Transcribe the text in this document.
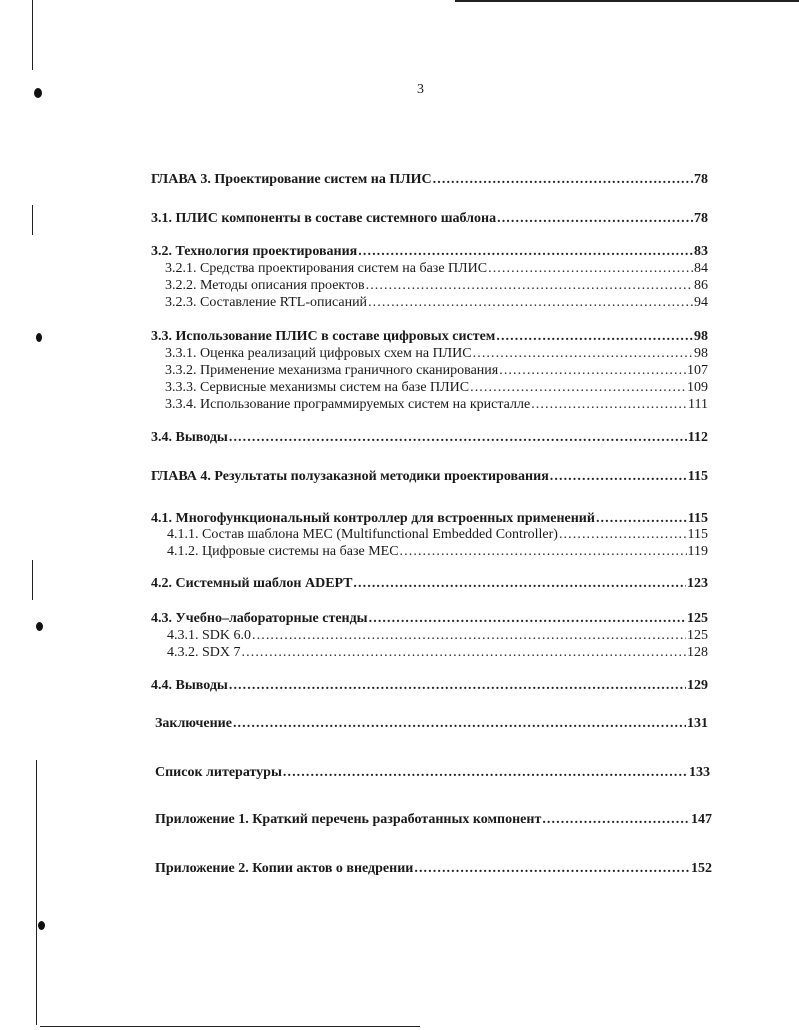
3
ГЛАВА 3. Проектирование систем на ПЛИС . . .	78
3.1. ПЛИС компоненты в составе системного шаблона . . .	78
3.2. Технология проектирования . . .	83
3.2.1. Средства проектирования систем на базе ПЛИС . . .	84
3.2.2. Методы описания проектов . . .	86
3.2.3. Составление RTL-описаний . . .	94
3.3. Использование ПЛИС в составе цифровых систем . . .	98
3.3.1. Оценка реализаций цифровых схем на ПЛИС . . .	98
3.3.2. Применение механизма граничного сканирования . . .	107
3.3.3. Сервисные механизмы систем на базе ПЛИС . . .	109
3.3.4. Использование программируемых систем на кристалле . . .	111
3.4. Выводы . . .	112
ГЛАВА 4. Результаты полузаказной методики проектирования . . .	115
4.1. Многофункциональный контроллер для встроенных применений . . .	115
4.1.1. Состав шаблона MEC (Multifunctional Embedded Controller) . . .	115
4.1.2. Цифровые системы на базе MEC . . .	119
4.2. Системный шаблон ADEPT . . .	123
4.3. Учебно–лабораторные стенды . . .	125
4.3.1. SDK 6.0 . . .	125
4.3.2. SDX 7 . . .	128
4.4. Выводы . . .	129
Заключение . . .	131
Список литературы . . .	133
Приложение 1. Краткий перечень разработанных компонент . . .	147
Приложение 2. Копии актов о внедрении . . .	152
